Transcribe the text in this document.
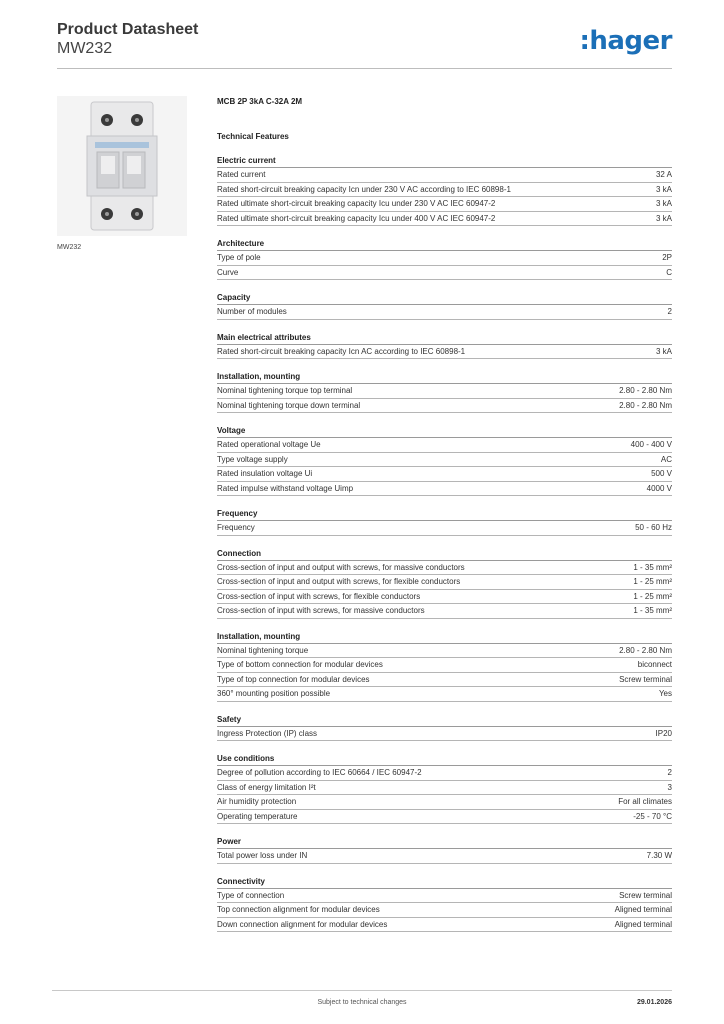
Product Datasheet
MW232	:hager
MW232
MCB 2P 3kA C-32A 2M
Technical Features
Electric current
Rated current	32 A
Rated short-circuit breaking capacity Icn under 230 V AC according to IEC 60898-1	3 kA
Rated ultimate short-circuit breaking capacity Icu under 230 V AC IEC 60947-2	3 kA
Rated ultimate short-circuit breaking capacity Icu under 400 V AC IEC 60947-2	3 kA
Architecture
Type of pole	2P
Curve	C
Capacity
Number of modules	2
Main electrical attributes
Rated short-circuit breaking capacity Icn AC according to IEC 60898-1	3 kA
Installation, mounting
Nominal tightening torque top terminal	2.80 - 2.80 Nm
Nominal tightening torque down terminal	2.80 - 2.80 Nm
Voltage
Rated operational voltage Ue	400 - 400 V
Type voltage supply	AC
Rated insulation voltage Ui	500 V
Rated impulse withstand voltage Uimp	4000 V
Frequency
Frequency	50 - 60 Hz
Connection
Cross-section of input and output with screws, for massive conductors	1 - 35 mm²
Cross-section of input and output with screws, for flexible conductors	1 - 25 mm²
Cross-section of input with screws, for flexible conductors	1 - 25 mm²
Cross-section of input with screws, for massive conductors	1 - 35 mm²
Installation, mounting
Nominal tightening torque	2.80 - 2.80 Nm
Type of bottom connection for modular devices	biconnect
Type of top connection for modular devices	Screw terminal
360° mounting position possible	Yes
Safety
Ingress Protection (IP) class	IP20
Use conditions
Degree of pollution according to IEC 60664 / IEC 60947-2	2
Class of energy limitation I²t	3
Air humidity protection	For all climates
Operating temperature	-25 - 70 °C
Power
Total power loss under IN	7.30 W
Connectivity
Type of connection	Screw terminal
Top connection alignment for modular devices	Aligned terminal
Down connection alignment for modular devices	Aligned terminal
Subject to technical changes	29.01.2026
